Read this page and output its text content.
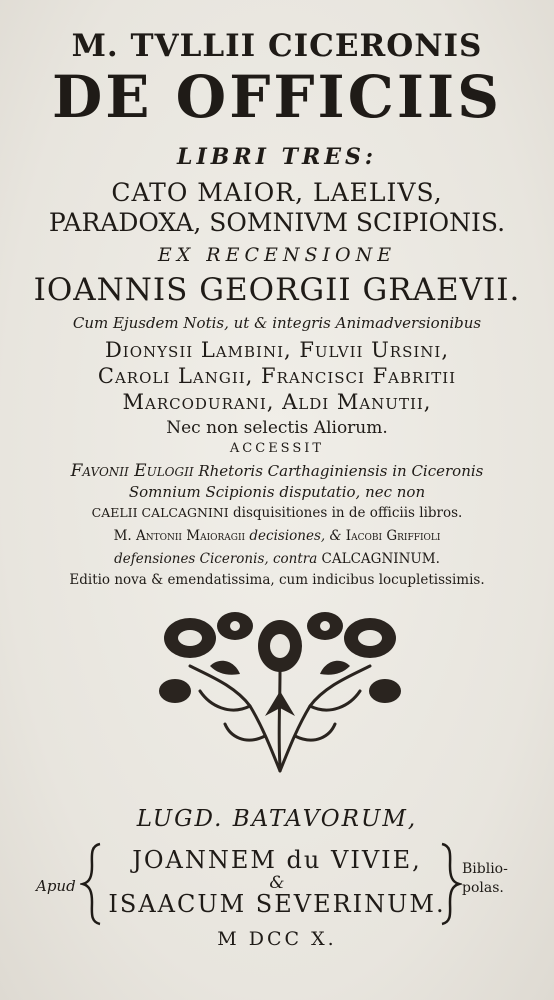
M. TVLLII CICERONIS
DE OFFICIIS
LIBRI TRES:
CATO MAIOR, LAELIVS,
PARADOXA, SOMNIVM SCIPIONIS.
EX RECENSIONE
IOANNIS GEORGII GRAEVII.
Cum Ejusdem Notis, ut & integris Animadversionibus
Dionysii Lambini, Fulvii Ursini,
Caroli Langii, Francisci Fabritii
Marcodurani, Aldi Manutii,
Nec non selectis Aliorum.
ACCESSIT
Favonii Eulogii Rhetoris Carthaginiensis in Ciceronis
Somnium Scipionis disputatio, nec non
CAELII CALCAGNINI disquisitiones in de officiis libros.
M. Antonii Maioragii decisiones, & Iacobi Griffioli
defensiones Ciceronis, contra CALCAGNINUM.
Editio nova & emendatissima, cum indicibus locupletissimis.
LUGD. BATAVORUM,
JOANNEM du VIVIE,
&
ISAACUM SEVERINUM.
Apud
Biblio-
polas.
M DCC X.
